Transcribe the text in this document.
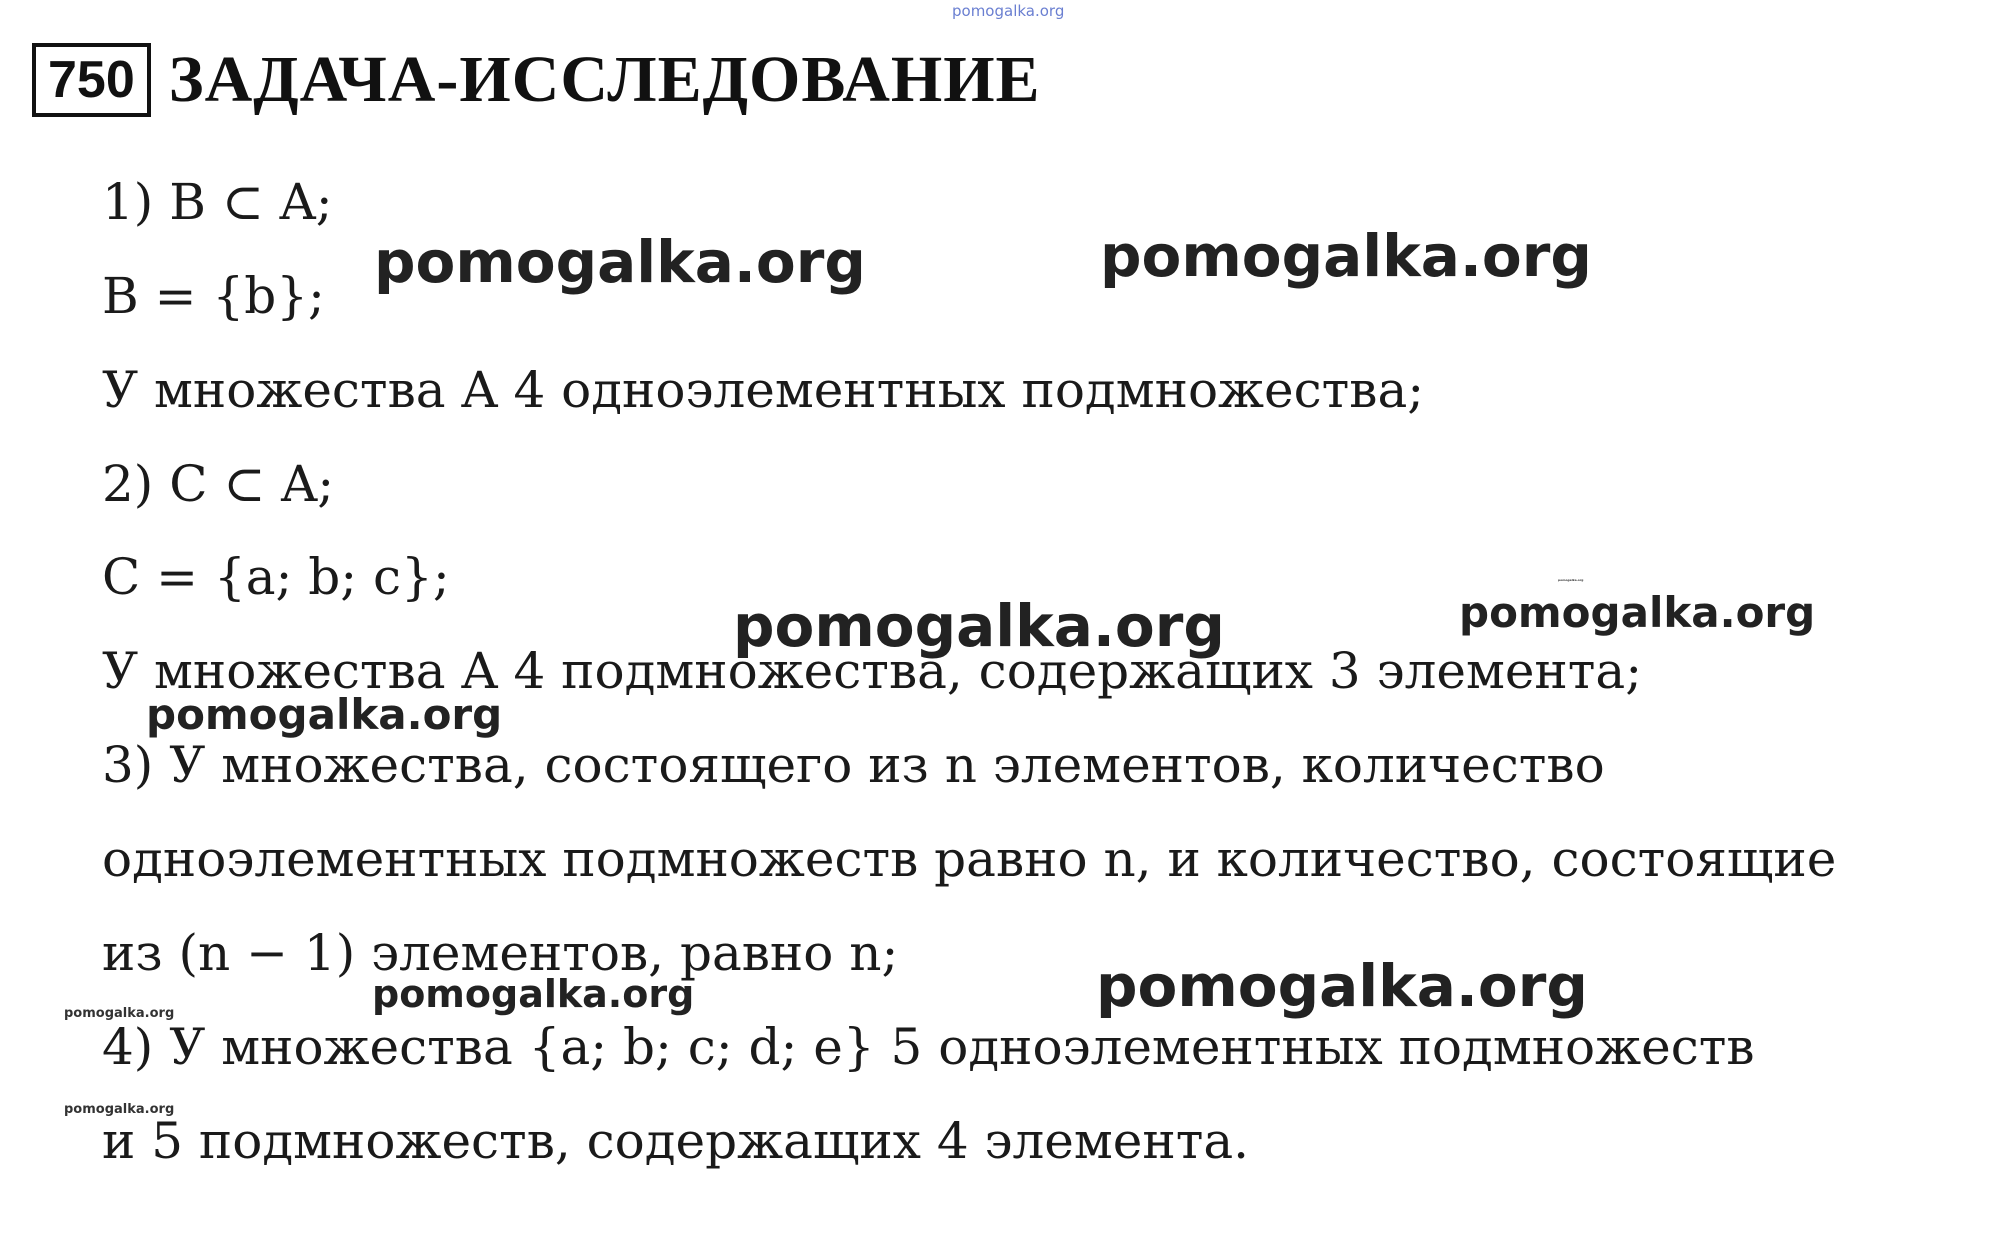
750 ЗАДАЧА-ИССЛЕДОВАНИЕ
1) B ⊂ A;
B = {b};
У множества A 4 одноэлементных подмножества;
2) C ⊂ A;
C = {a; b; c};
У множества A 4 подмножества, содержащих 3 элемента;
3) У множества, состоящего из n элементов, количество
одноэлементных подмножеств равно n, и количество, состоящие
из (n − 1) элементов, равно n;
4) У множества {a; b; c; d; e} 5 одноэлементных подмножеств
и 5 подмножеств, содержащих 4 элемента.
pomogalka.org
pomogalka.org	pomogalka.org
pomogalka.org	pomogalka.org
pomogalka.org
pomogalka.org	pomogalka.org
pomogalka.org
pomogalka.org
pomogalka.org
